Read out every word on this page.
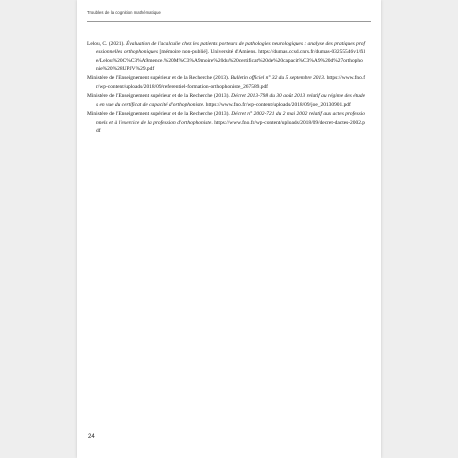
Troubles de la cognition mathématique

Lelou, C. (2021). Évaluation de l'acalculie chez les patients porteurs de pathologies neurologiques : analyse des pratiques professionnelles orthophoniques [mémoire non-publié]. Université d'Amiens. https://dumas.ccsd.cnrs.fr/dumas-03255546v1/file/Lelou%20C%C3%A9mence.%20M%C3%A9moire%20du%20certificat%20de%20capacit%C3%A9%20d%27orthophonie%20%28UPJV%29.pdf

Ministère de l'Enseignement supérieur et de la Recherche (2013). Bulletin officiel n° 32 du 5 septembre 2013. https://www.fno.fr/wp-content/uploads/2018/09/referentiel-formation-orthophoniste_267589.pdf

Ministère de l'Enseignement supérieur et de la Recherche (2013). Décret 2013-798 du 30 août 2013 relatif au régime des études en vue du certificat de capacité d'orthophoniste. https://www.fno.fr/wp-content/uploads/2018/09/joe_20130901.pdf

Ministère de l'Enseignement supérieur et de la Recherche (2013). Décret n° 2002-721 du 2 mai 2002 relatif aux actes professionnels et à l'exercice de la profession d'orthophoniste. https://www.fno.fr/wp-content/uploads/2018/09/decret-dactes-2002.pdf

24
